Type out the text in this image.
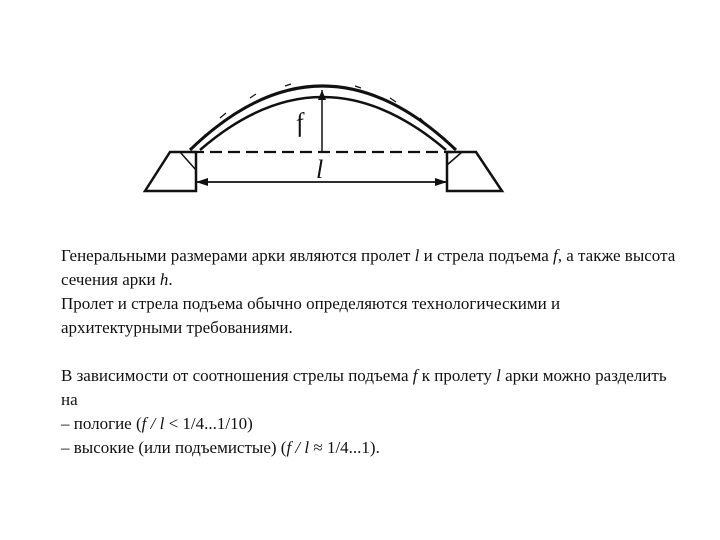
f
l

Генеральными размерами арки являются пролет l и стрела подъема f, а также высота сечения арки h.

Пролет и стрела подъема обычно определяются технологическими и архитектурными требованиями.

В зависимости от соотношения стрелы подъема f к пролету l арки можно разделить на

– пологие (f / l < 1/4...1/10)

– высокие (или подъемистые) (f / l ≈ 1/4...1).
